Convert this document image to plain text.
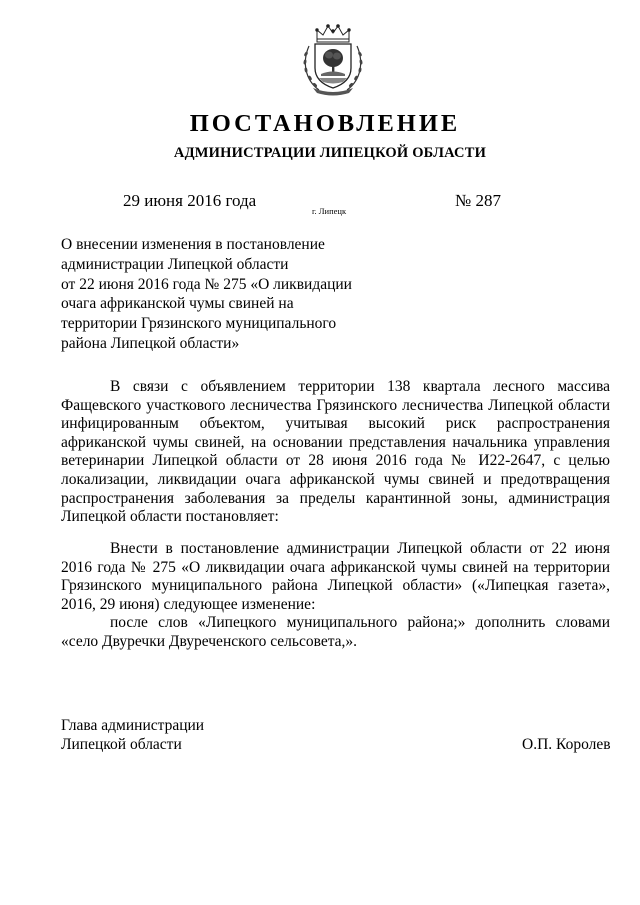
ПОСТАНОВЛЕНИЕ
АДМИНИСТРАЦИИ ЛИПЕЦКОЙ ОБЛАСТИ
29 июня 2016 года
г. Липецк
№ 287
О внесении изменения в постановление
администрации Липецкой области
от 22 июня 2016 года № 275 «О ликвидации
очага африканской чумы свиней на
территории Грязинского муниципального
района Липецкой области»

В связи с объявлением территории 138 квартала лесного массива Фащевского участкового лесничества Грязинского лесничества Липецкой области инфицированным объектом, учитывая высокий риск распространения африканской чумы свиней, на основании представления начальника управления ветеринарии Липецкой области от 28 июня 2016 года № И22-2647, с целью локализации, ликвидации очага африканской чумы свиней и предотвращения распространения заболевания за пределы карантинной зоны, администрация Липецкой области постановляет:

Внести в постановление администрации Липецкой области от 22 июня 2016 года № 275 «О ликвидации очага африканской чумы свиней на территории Грязинского муниципального района Липецкой области» («Липецкая газета», 2016, 29 июня) следующее изменение:

после слов «Липецкого муниципального района;» дополнить словами «село Двуречки Двуреченского сельсовета,».

Глава администрации
Липецкой области	О.П. Королев
